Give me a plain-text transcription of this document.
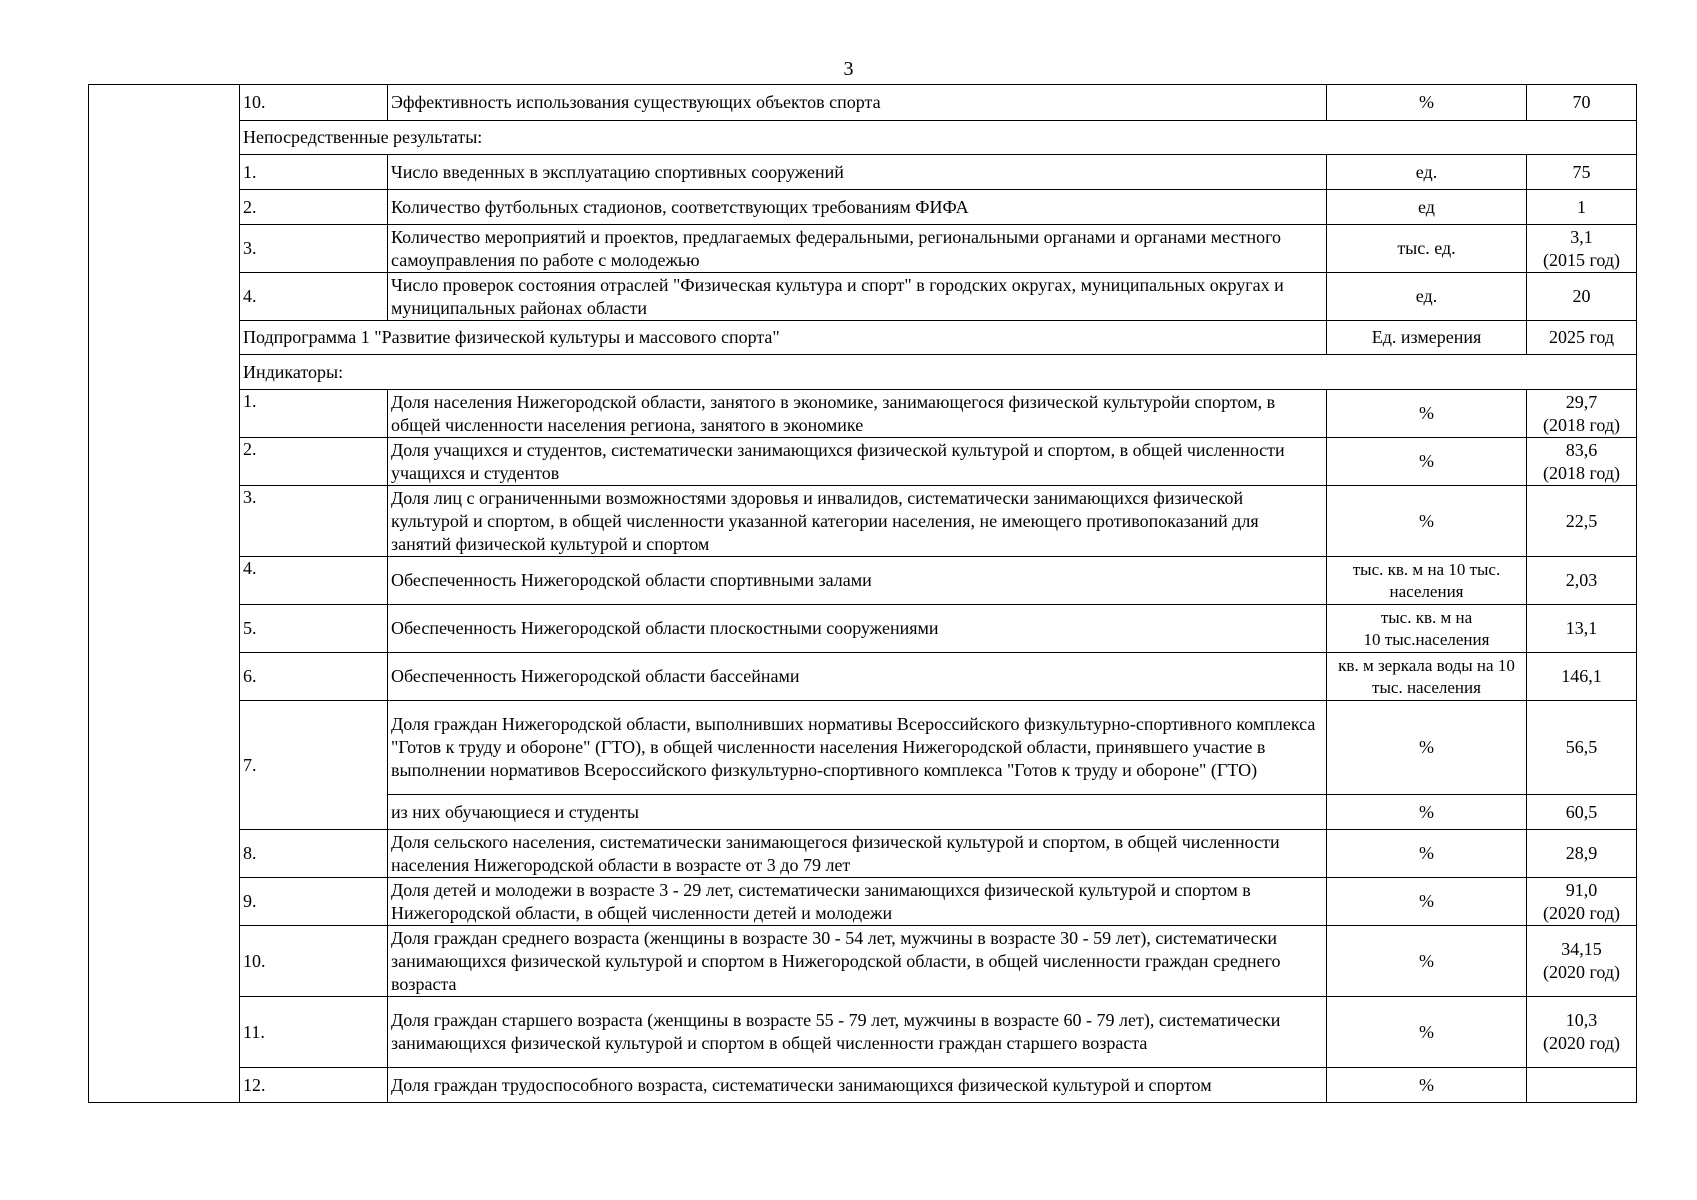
3
	10.	Эффективность использования существующих объектов спорта	%	70
	Непосредственные результаты:			
	1.	Число введенных в эксплуатацию спортивных сооружений	ед.	75
	2.	Количество футбольных стадионов, соответствующих требованиям ФИФА	ед	1
	3.	Количество мероприятий и проектов, предлагаемых федеральными, региональными органами и органами местного самоуправления по работе с молодежью	тыс. ед.	3,1
(2015 год)
	4.	Число проверок состояния отраслей "Физическая культура и спорт" в городских округах, муниципальных округах и муниципальных районах области	ед.	20
	Подпрограмма 1 "Развитие физической культуры и массового спорта"		Ед. измерения	2025 год
	Индикаторы:			
	1.	Доля населения Нижегородской области, занятого в экономике, занимающегося физической культуройи спортом, в общей численности населения региона, занятого в экономике	%	29,7
(2018 год)
	2.	Доля учащихся и студентов, систематически занимающихся физической культурой и спортом, в общей численности учащихся и студентов	%	83,6
(2018 год)
	3.	Доля лиц с ограниченными возможностями здоровья и инвалидов, систематически занимающихся физической культурой и спортом, в общей численности указанной категории населения, не имеющего противопоказаний для занятий физической культурой и спортом	%	22,5
	4.	Обеспеченность Нижегородской области спортивными залами	тыс. кв. м на 10 тыс. населения	2,03
	5.	Обеспеченность Нижегородской области плоскостными сооружениями	тыс. кв. м на
10 тыс.населения	13,1
	6.	Обеспеченность Нижегородской области бассейнами	кв. м зеркала воды на 10 тыс. населения	146,1
	7.	Доля граждан Нижегородской области, выполнивших нормативы Всероссийского физкультурно-спортивного комплекса "Готов к труду и обороне" (ГТО), в общей численности населения Нижегородской области, принявшего участие в выполнении нормативов Всероссийского физкультурно-спортивного комплекса "Готов к труду и обороне" (ГТО)	%	56,5
		из них обучающиеся и студенты	%	60,5
	8.	Доля сельского населения, систематически занимающегося физической культурой и спортом, в общей численности населения Нижегородской области в возрасте от 3 до 79 лет	%	28,9
	9.	Доля детей и молодежи в возрасте 3 - 29 лет, систематически занимающихся физической культурой и спортом в Нижегородской области, в общей численности детей и молодежи	%	91,0
(2020 год)
	10.	Доля граждан среднего возраста (женщины в возрасте 30 - 54 лет, мужчины в возрасте 30 - 59 лет), систематически занимающихся физической культурой и спортом в Нижегородской области, в общей численности граждан среднего возраста	%	34,15
(2020 год)
	11.	Доля граждан старшего возраста (женщины в возрасте 55 - 79 лет, мужчины в возрасте 60 - 79 лет), систематически занимающихся физической культурой и спортом в общей численности граждан старшего возраста	%	10,3
(2020 год)
	12.	Доля граждан трудоспособного возраста, систематически занимающихся физической культурой и спортом	%	
